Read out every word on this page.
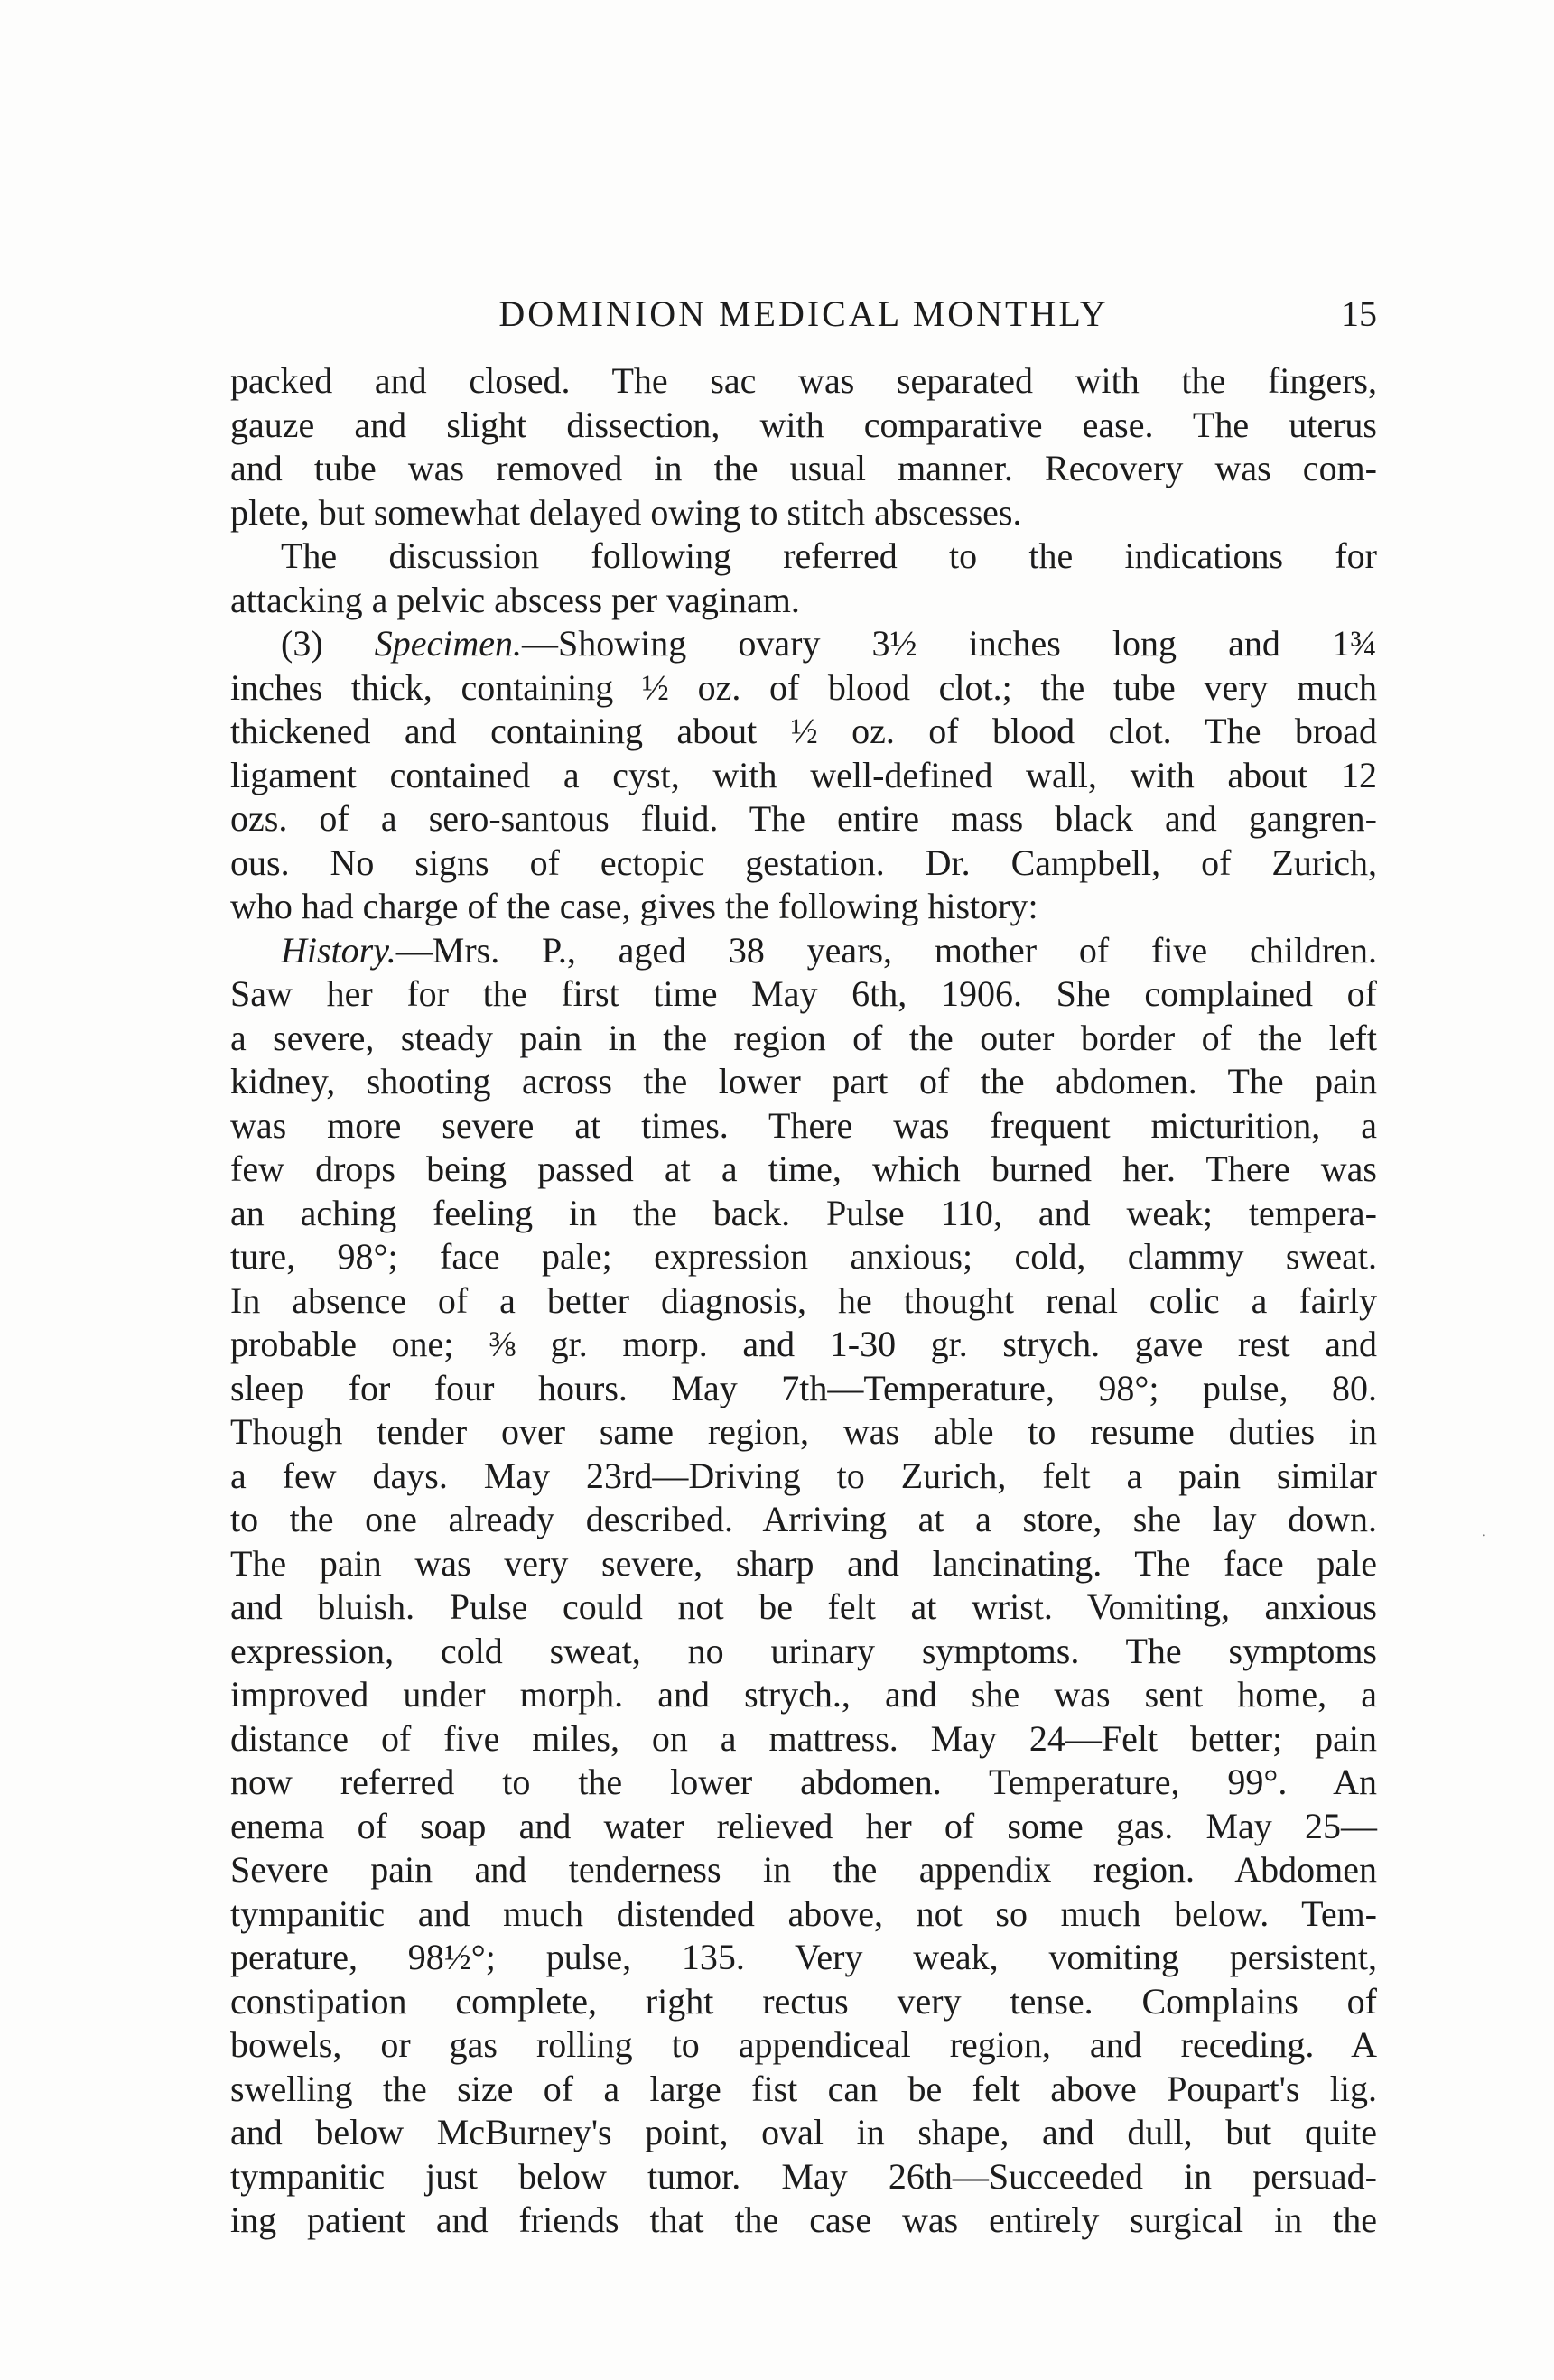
DOMINION MEDICAL MONTHLY	15
packed and closed. The sac was separated with the fingers,
gauze and slight dissection, with comparative ease. The uterus
and tube was removed in the usual manner. Recovery was com-
plete, but somewhat delayed owing to stitch abscesses.
The discussion following referred to the indications for
attacking a pelvic abscess per vaginam.
(3) Specimen.—Showing ovary 3½ inches long and 1¾
inches thick, containing ½ oz. of blood clot.; the tube very much
thickened and containing about ½ oz. of blood clot. The broad
ligament contained a cyst, with well-defined wall, with about 12
ozs. of a sero-santous fluid. The entire mass black and gangren-
ous. No signs of ectopic gestation. Dr. Campbell, of Zurich,
who had charge of the case, gives the following history:
History.—Mrs. P., aged 38 years, mother of five children.
Saw her for the first time May 6th, 1906. She complained of
a severe, steady pain in the region of the outer border of the left
kidney, shooting across the lower part of the abdomen. The pain
was more severe at times. There was frequent micturition, a
few drops being passed at a time, which burned her. There was
an aching feeling in the back. Pulse 110, and weak; tempera-
ture, 98°; face pale; expression anxious; cold, clammy sweat.
In absence of a better diagnosis, he thought renal colic a fairly
probable one; ⅜ gr. morp. and 1-30 gr. strych. gave rest and
sleep for four hours. May 7th—Temperature, 98°; pulse, 80.
Though tender over same region, was able to resume duties in
a few days. May 23rd—Driving to Zurich, felt a pain similar
to the one already described. Arriving at a store, she lay down.
The pain was very severe, sharp and lancinating. The face pale
and bluish. Pulse could not be felt at wrist. Vomiting, anxious
expression, cold sweat, no urinary symptoms. The symptoms
improved under morph. and strych., and she was sent home, a
distance of five miles, on a mattress. May 24—Felt better; pain
now referred to the lower abdomen. Temperature, 99°. An
enema of soap and water relieved her of some gas. May 25—
Severe pain and tenderness in the appendix region. Abdomen
tympanitic and much distended above, not so much below. Tem-
perature, 98½°; pulse, 135. Very weak, vomiting persistent,
constipation complete, right rectus very tense. Complains of
bowels, or gas rolling to appendiceal region, and receding. A
swelling the size of a large fist can be felt above Poupart's lig.
and below McBurney's point, oval in shape, and dull, but quite
tympanitic just below tumor. May 26th—Succeeded in persuad-
ing patient and friends that the case was entirely surgical in the
·
